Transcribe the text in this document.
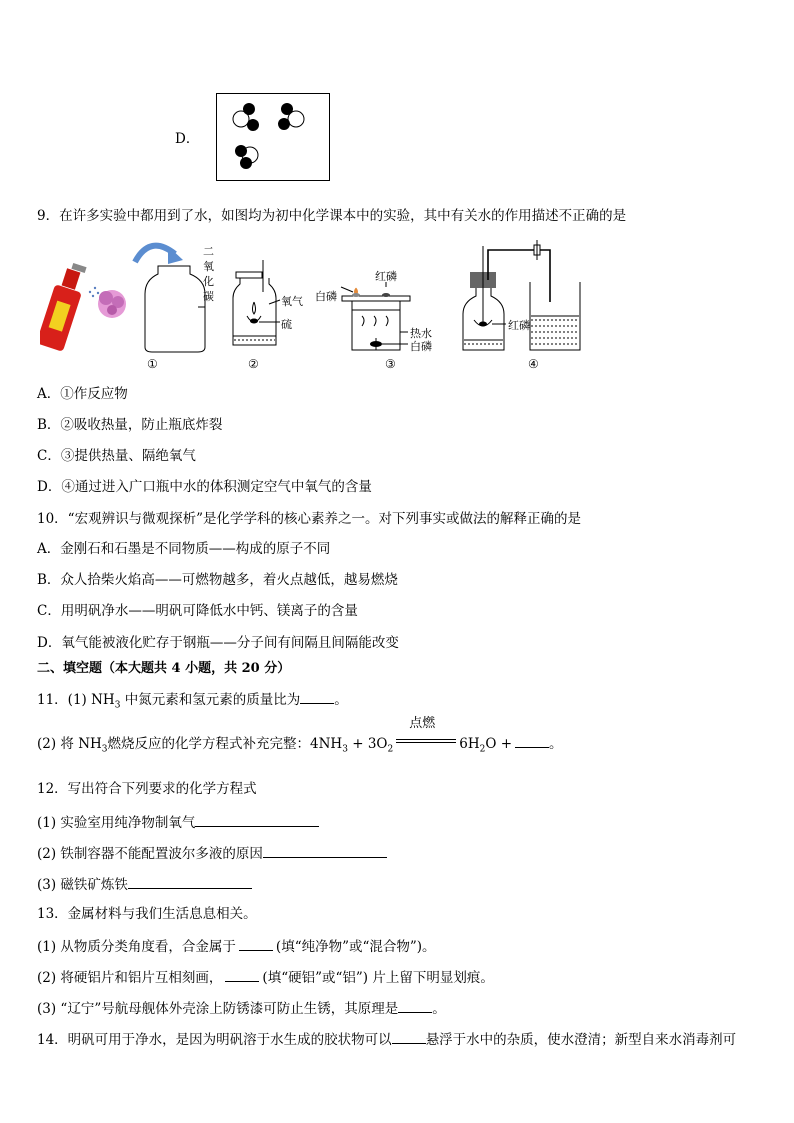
D．
9．在许多实验中都用到了水，如图均为初中化学课本中的实验，其中有关水的作用描述不正确的是
二氧化碳	氧气
硫
红磷
白磷
热水
白磷
红磷
①	②	③	④
A．①作反应物
B．②吸收热量，防止瓶底炸裂
C．③提供热量、隔绝氧气
D．④通过进入广口瓶中水的体积测定空气中氧气的含量
10．“宏观辨识与微观探析”是化学学科的核心素养之一。对下列事实或做法的解释正确的是
A．金刚石和石墨是不同物质——构成的原子不同
B．众人拾柴火焰高——可燃物越多，着火点越低，越易燃烧
C．用明矾净水——明矾可降低水中钙、镁离子的含量
D．氧气能被液化贮存于钢瓶——分子间有间隔且间隔能改变
二、填空题（本大题共 4 小题，共 20 分）
11．(1) $NH_3$ 中氮元素和氢元素的质量比为	。
(2) 将 $NH_3$燃烧反应的化学方程式补充完整：$4NH_3 + 3O_2$
点燃
$6H_2O$ +	。
12．写出符合下列要求的化学方程式
(1) 实验室用纯净物制氧气
(2) 铁制容器不能配置波尔多液的原因
(3) 磁铁矿炼铁
13．金属材料与我们生活息息相关。
(1) 从物质分类角度看，合金属于	(填“纯净物”或“混合物”)。
(2) 将硬铝片和铝片互相刻画，	(填“硬铝”或“铝”) 片上留下明显划痕。
(3) “辽宁”号航母舰体外壳涂上防锈漆可防止生锈，其原理是	。
14．明矾可用于净水，是因为明矾溶于水生成的胶状物可以	悬浮于水中的杂质，使水澄清；新型自来水消毒剂可
